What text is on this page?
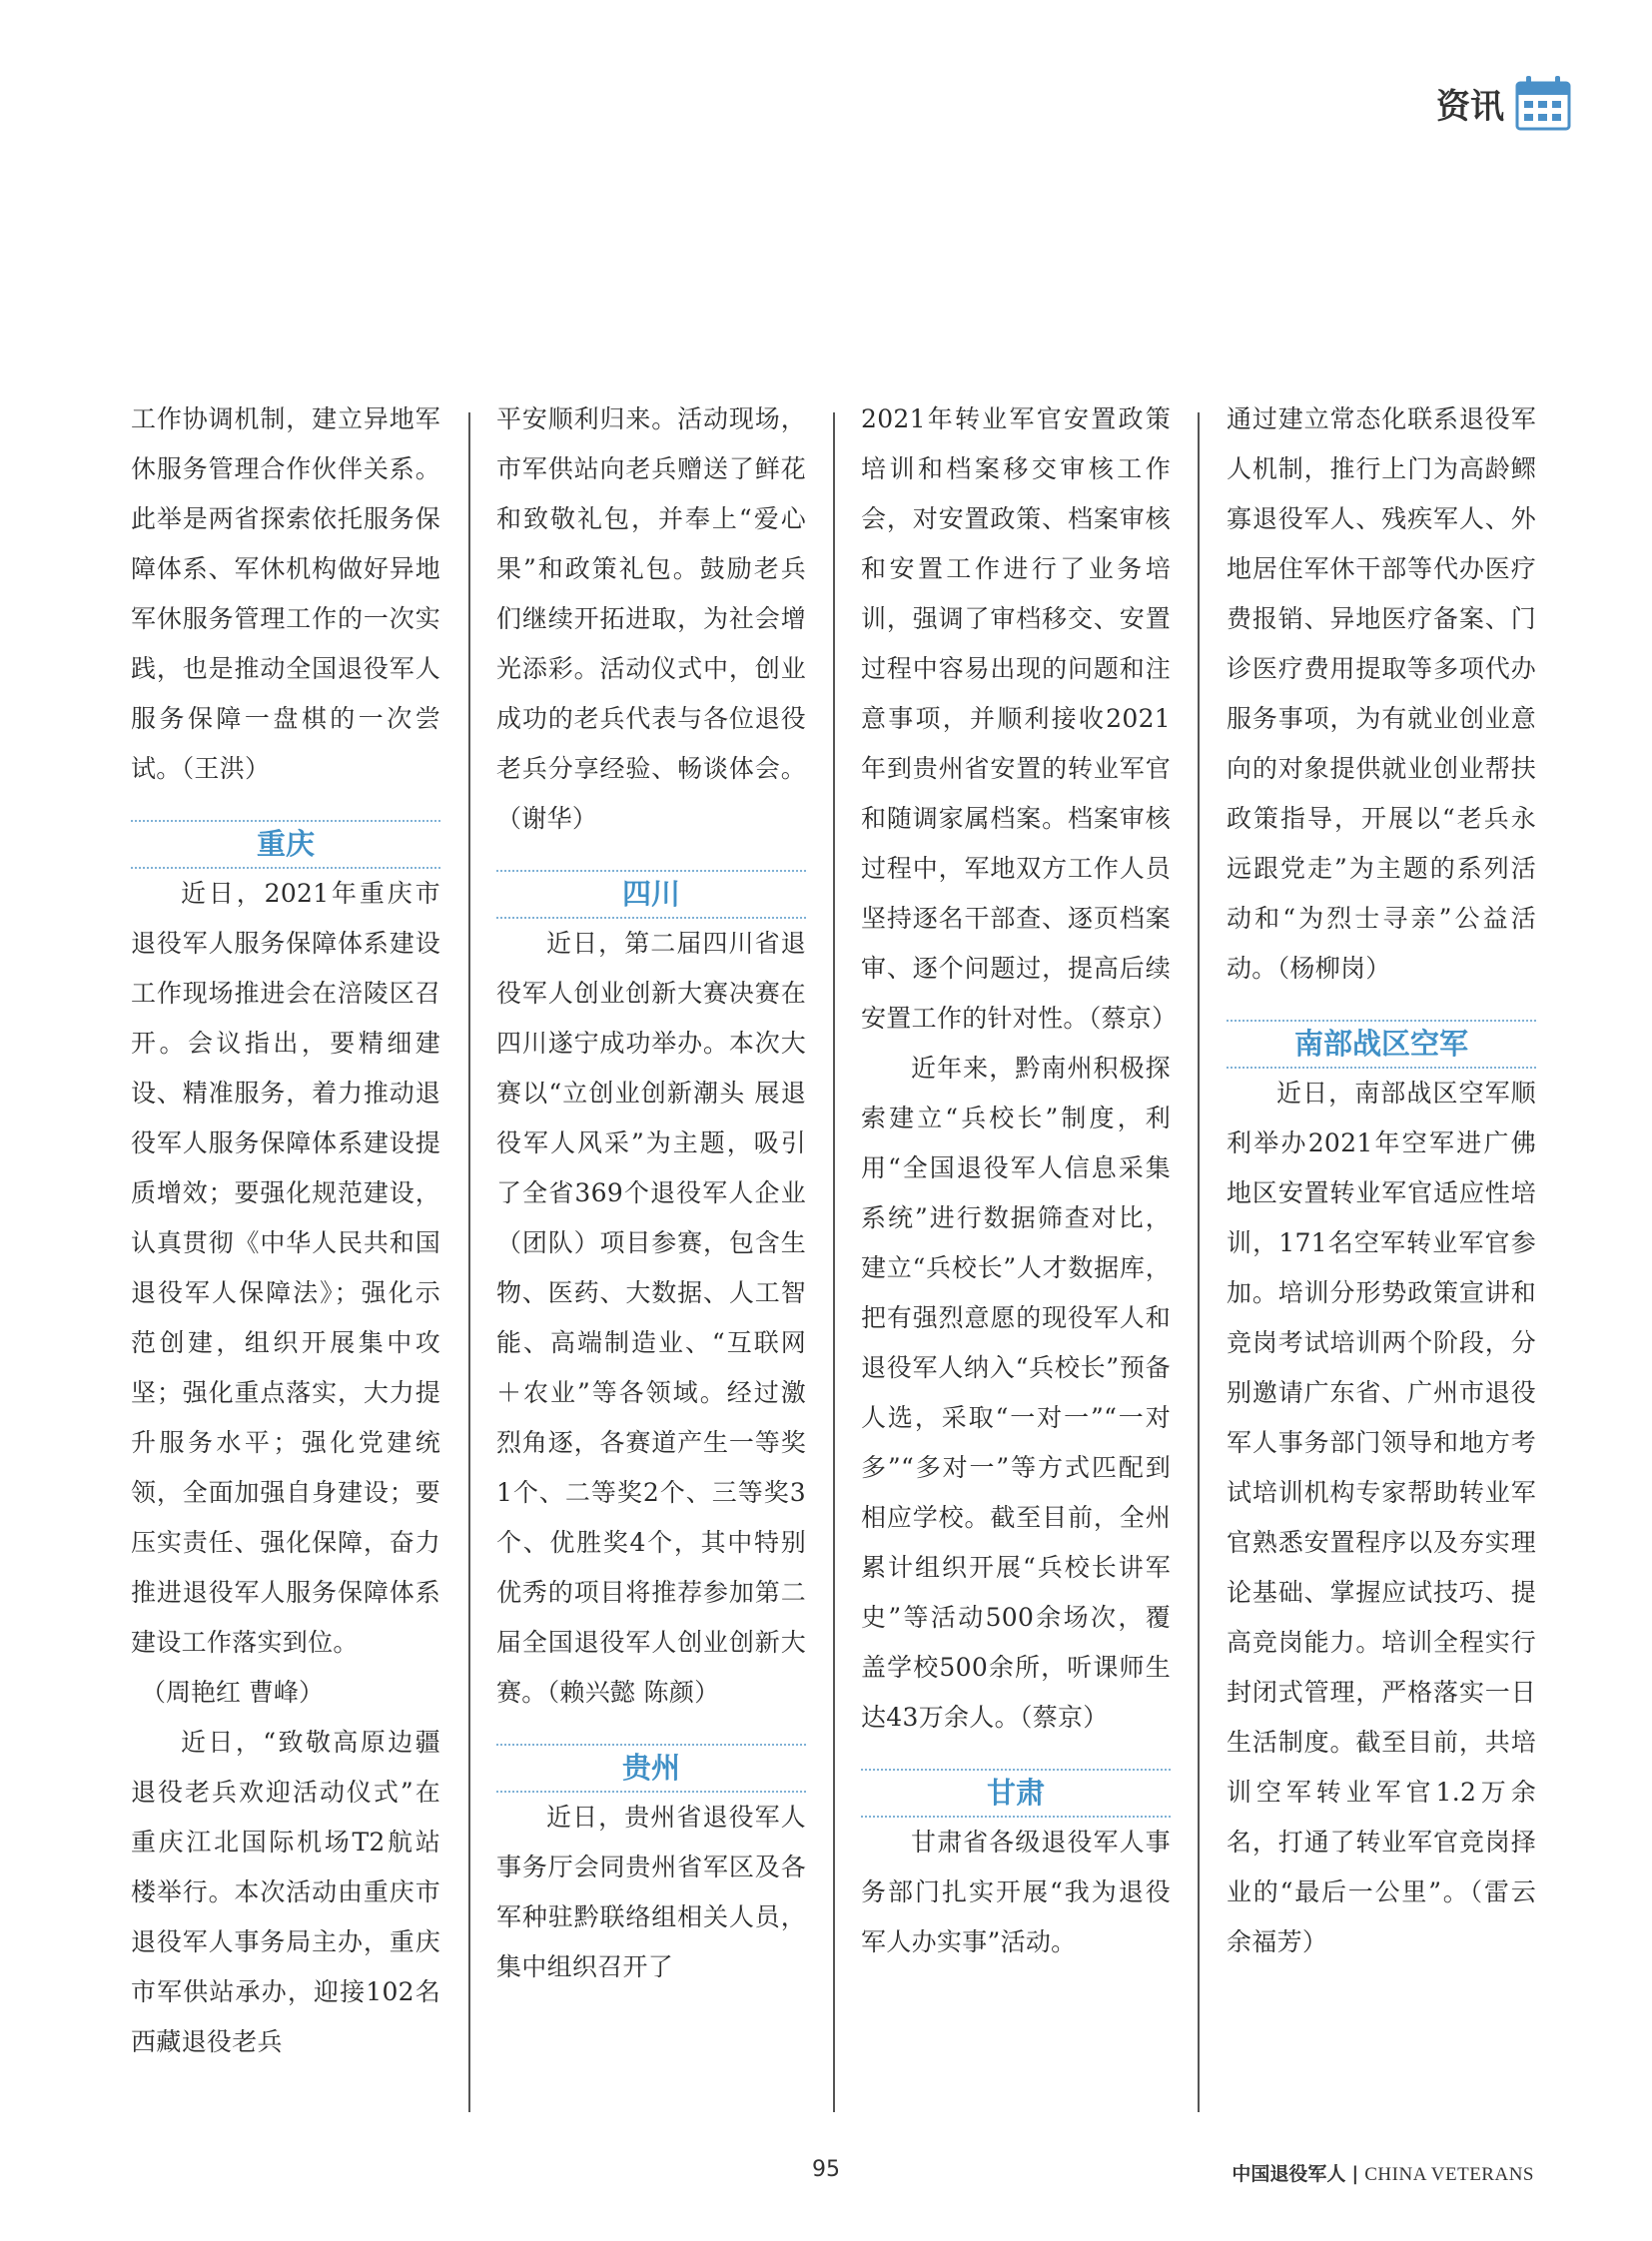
资讯

工作协调机制，建立异地军休服务管理合作伙伴关系。此举是两省探索依托服务保障体系、军休机构做好异地军休服务管理工作的一次实践，也是推动全国退役军人服务保障一盘棋的一次尝试。（王洪）

重庆

近日，2021年重庆市退役军人服务保障体系建设工作现场推进会在涪陵区召开。会议指出，要精细建设、精准服务，着力推动退役军人服务保障体系建设提质增效；要强化规范建设，认真贯彻《中华人民共和国退役军人保障法》；强化示范创建，组织开展集中攻坚；强化重点落实，大力提升服务水平；强化党建统领，全面加强自身建设；要压实责任、强化保障，奋力推进退役军人服务保障体系建设工作落实到位。

（周艳红 曹峰）

近日，“致敬高原边疆退役老兵欢迎活动仪式”在重庆江北国际机场T2航站楼举行。本次活动由重庆市退役军人事务局主办，重庆市军供站承办，迎接102名西藏退役老兵

平安顺利归来。活动现场，市军供站向老兵赠送了鲜花和致敬礼包，并奉上“爱心果”和政策礼包。鼓励老兵们继续开拓进取，为社会增光添彩。活动仪式中，创业成功的老兵代表与各位退役老兵分享经验、畅谈体会。（谢华）

四川

近日，第二届四川省退役军人创业创新大赛决赛在四川遂宁成功举办。本次大赛以“立创业创新潮头 展退役军人风采”为主题，吸引了全省369个退役军人企业（团队）项目参赛，包含生物、医药、大数据、人工智能、高端制造业、“互联网＋农业”等各领域。经过激烈角逐，各赛道产生一等奖1个、二等奖2个、三等奖3个、优胜奖4个，其中特别优秀的项目将推荐参加第二届全国退役军人创业创新大赛。（赖兴懿 陈颜）

贵州

近日，贵州省退役军人事务厅会同贵州省军区及各军种驻黔联络组相关人员，集中组织召开了

2021年转业军官安置政策培训和档案移交审核工作会，对安置政策、档案审核和安置工作进行了业务培训，强调了审档移交、安置过程中容易出现的问题和注意事项，并顺利接收2021年到贵州省安置的转业军官和随调家属档案。档案审核过程中，军地双方工作人员坚持逐名干部查、逐页档案审、逐个问题过，提高后续安置工作的针对性。（蔡京）

近年来，黔南州积极探索建立“兵校长”制度，利用“全国退役军人信息采集系统”进行数据筛查对比，建立“兵校长”人才数据库，把有强烈意愿的现役军人和退役军人纳入“兵校长”预备人选，采取“一对一”“一对多”“多对一”等方式匹配到相应学校。截至目前，全州累计组织开展“兵校长讲军史”等活动500余场次，覆盖学校500余所，听课师生达43万余人。（蔡京）

甘肃

甘肃省各级退役军人事务部门扎实开展“我为退役军人办实事”活动。

通过建立常态化联系退役军人机制，推行上门为高龄鳏寡退役军人、残疾军人、外地居住军休干部等代办医疗费报销、异地医疗备案、门诊医疗费用提取等多项代办服务事项，为有就业创业意向的对象提供就业创业帮扶政策指导，开展以“老兵永远跟党走”为主题的系列活动和“为烈士寻亲”公益活动。（杨柳岗）

南部战区空军

近日，南部战区空军顺利举办2021年空军进广佛地区安置转业军官适应性培训，171名空军转业军官参加。培训分形势政策宣讲和竞岗考试培训两个阶段，分别邀请广东省、广州市退役军人事务部门领导和地方考试培训机构专家帮助转业军官熟悉安置程序以及夯实理论基础、掌握应试技巧、提高竞岗能力。培训全程实行封闭式管理，严格落实一日生活制度。截至目前，共培训空军转业军官1.2万余名，打通了转业军官竞岗择业的“最后一公里”。（雷云 余福芳）

95	中国退役军人 | CHINA VETERANS
